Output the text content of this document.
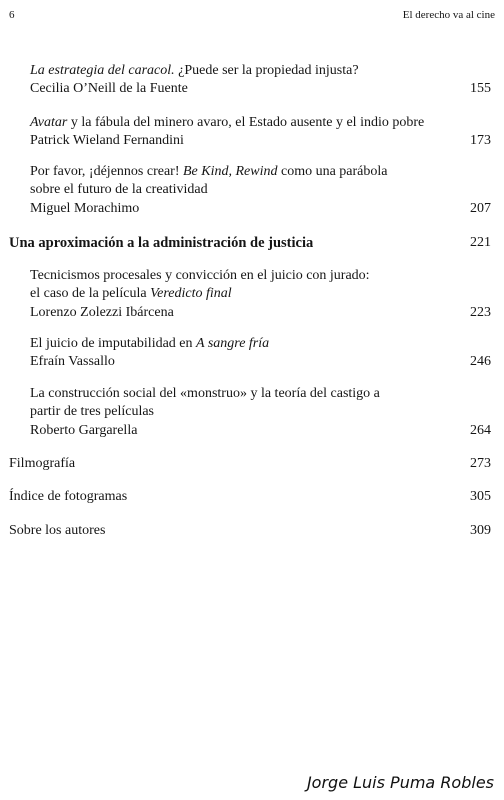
6	El derecho va al cine
La estrategia del caracol. ¿Puede ser la propiedad injusta?
Cecilia O’Neill de la Fuente	155
Avatar y la fábula del minero avaro, el Estado ausente y el indio pobre
Patrick Wieland Fernandini	173
Por favor, ¡déjennos crear! Be Kind, Rewind como una parábola
sobre el futuro de la creatividad
Miguel Morachimo	207
Una aproximación a la administración de justicia	221
Tecnicismos procesales y convicción en el juicio con jurado:
el caso de la película Veredicto final
Lorenzo Zolezzi Ibárcena	223
El juicio de imputabilidad en A sangre fría
Efraín Vassallo	246
La construcción social del «monstruo» y la teoría del castigo a
partir de tres películas
Roberto Gargarella	264
Filmografía	273
Índice de fotogramas	305
Sobre los autores	309
Jorge Luis Puma Robles
